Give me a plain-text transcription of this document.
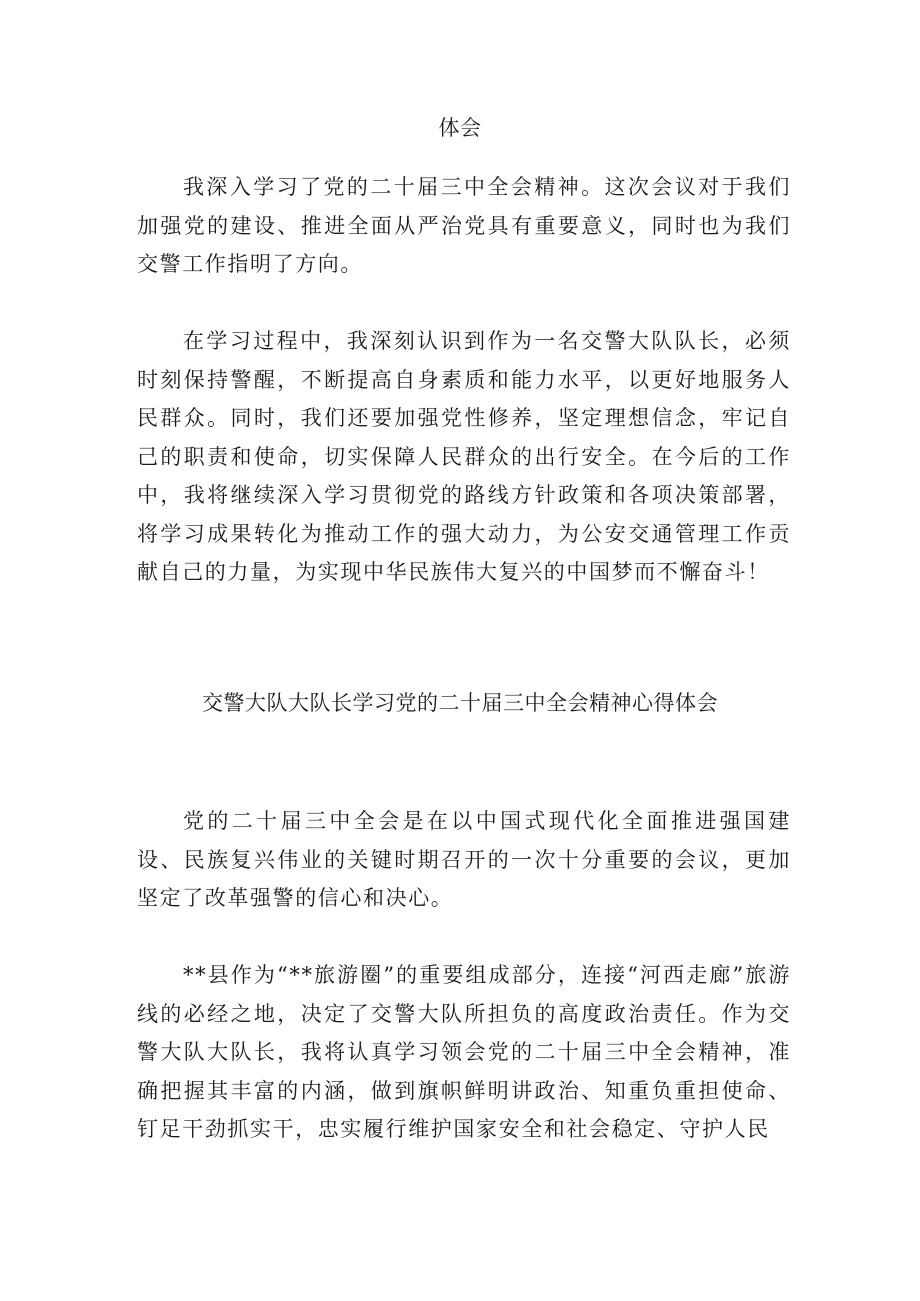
体会

我深入学习了党的二十届三中全会精神。这次会议对于我们加强党的建设、推进全面从严治党具有重要意义，同时也为我们交警工作指明了方向。

在学习过程中，我深刻认识到作为一名交警大队队长，必须时刻保持警醒，不断提高自身素质和能力水平，以更好地服务人民群众。同时，我们还要加强党性修养，坚定理想信念，牢记自己的职责和使命，切实保障人民群众的出行安全。在今后的工作中，我将继续深入学习贯彻党的路线方针政策和各项决策部署，将学习成果转化为推动工作的强大动力，为公安交通管理工作贡献自己的力量，为实现中华民族伟大复兴的中国梦而不懈奋斗！

交警大队大队长学习党的二十届三中全会精神心得体会

党的二十届三中全会是在以中国式现代化全面推进强国建设、民族复兴伟业的关键时期召开的一次十分重要的会议，更加坚定了改革强警的信心和决心。

**县作为“**旅游圈”的重要组成部分，连接“河西走廊”旅游线的必经之地，决定了交警大队所担负的高度政治责任。作为交警大队大队长，我将认真学习领会党的二十届三中全会精神，准确把握其丰富的内涵，做到旗帜鲜明讲政治、知重负重担使命、钉足干劲抓实干，忠实履行维护国家安全和社会稳定、守护人民
